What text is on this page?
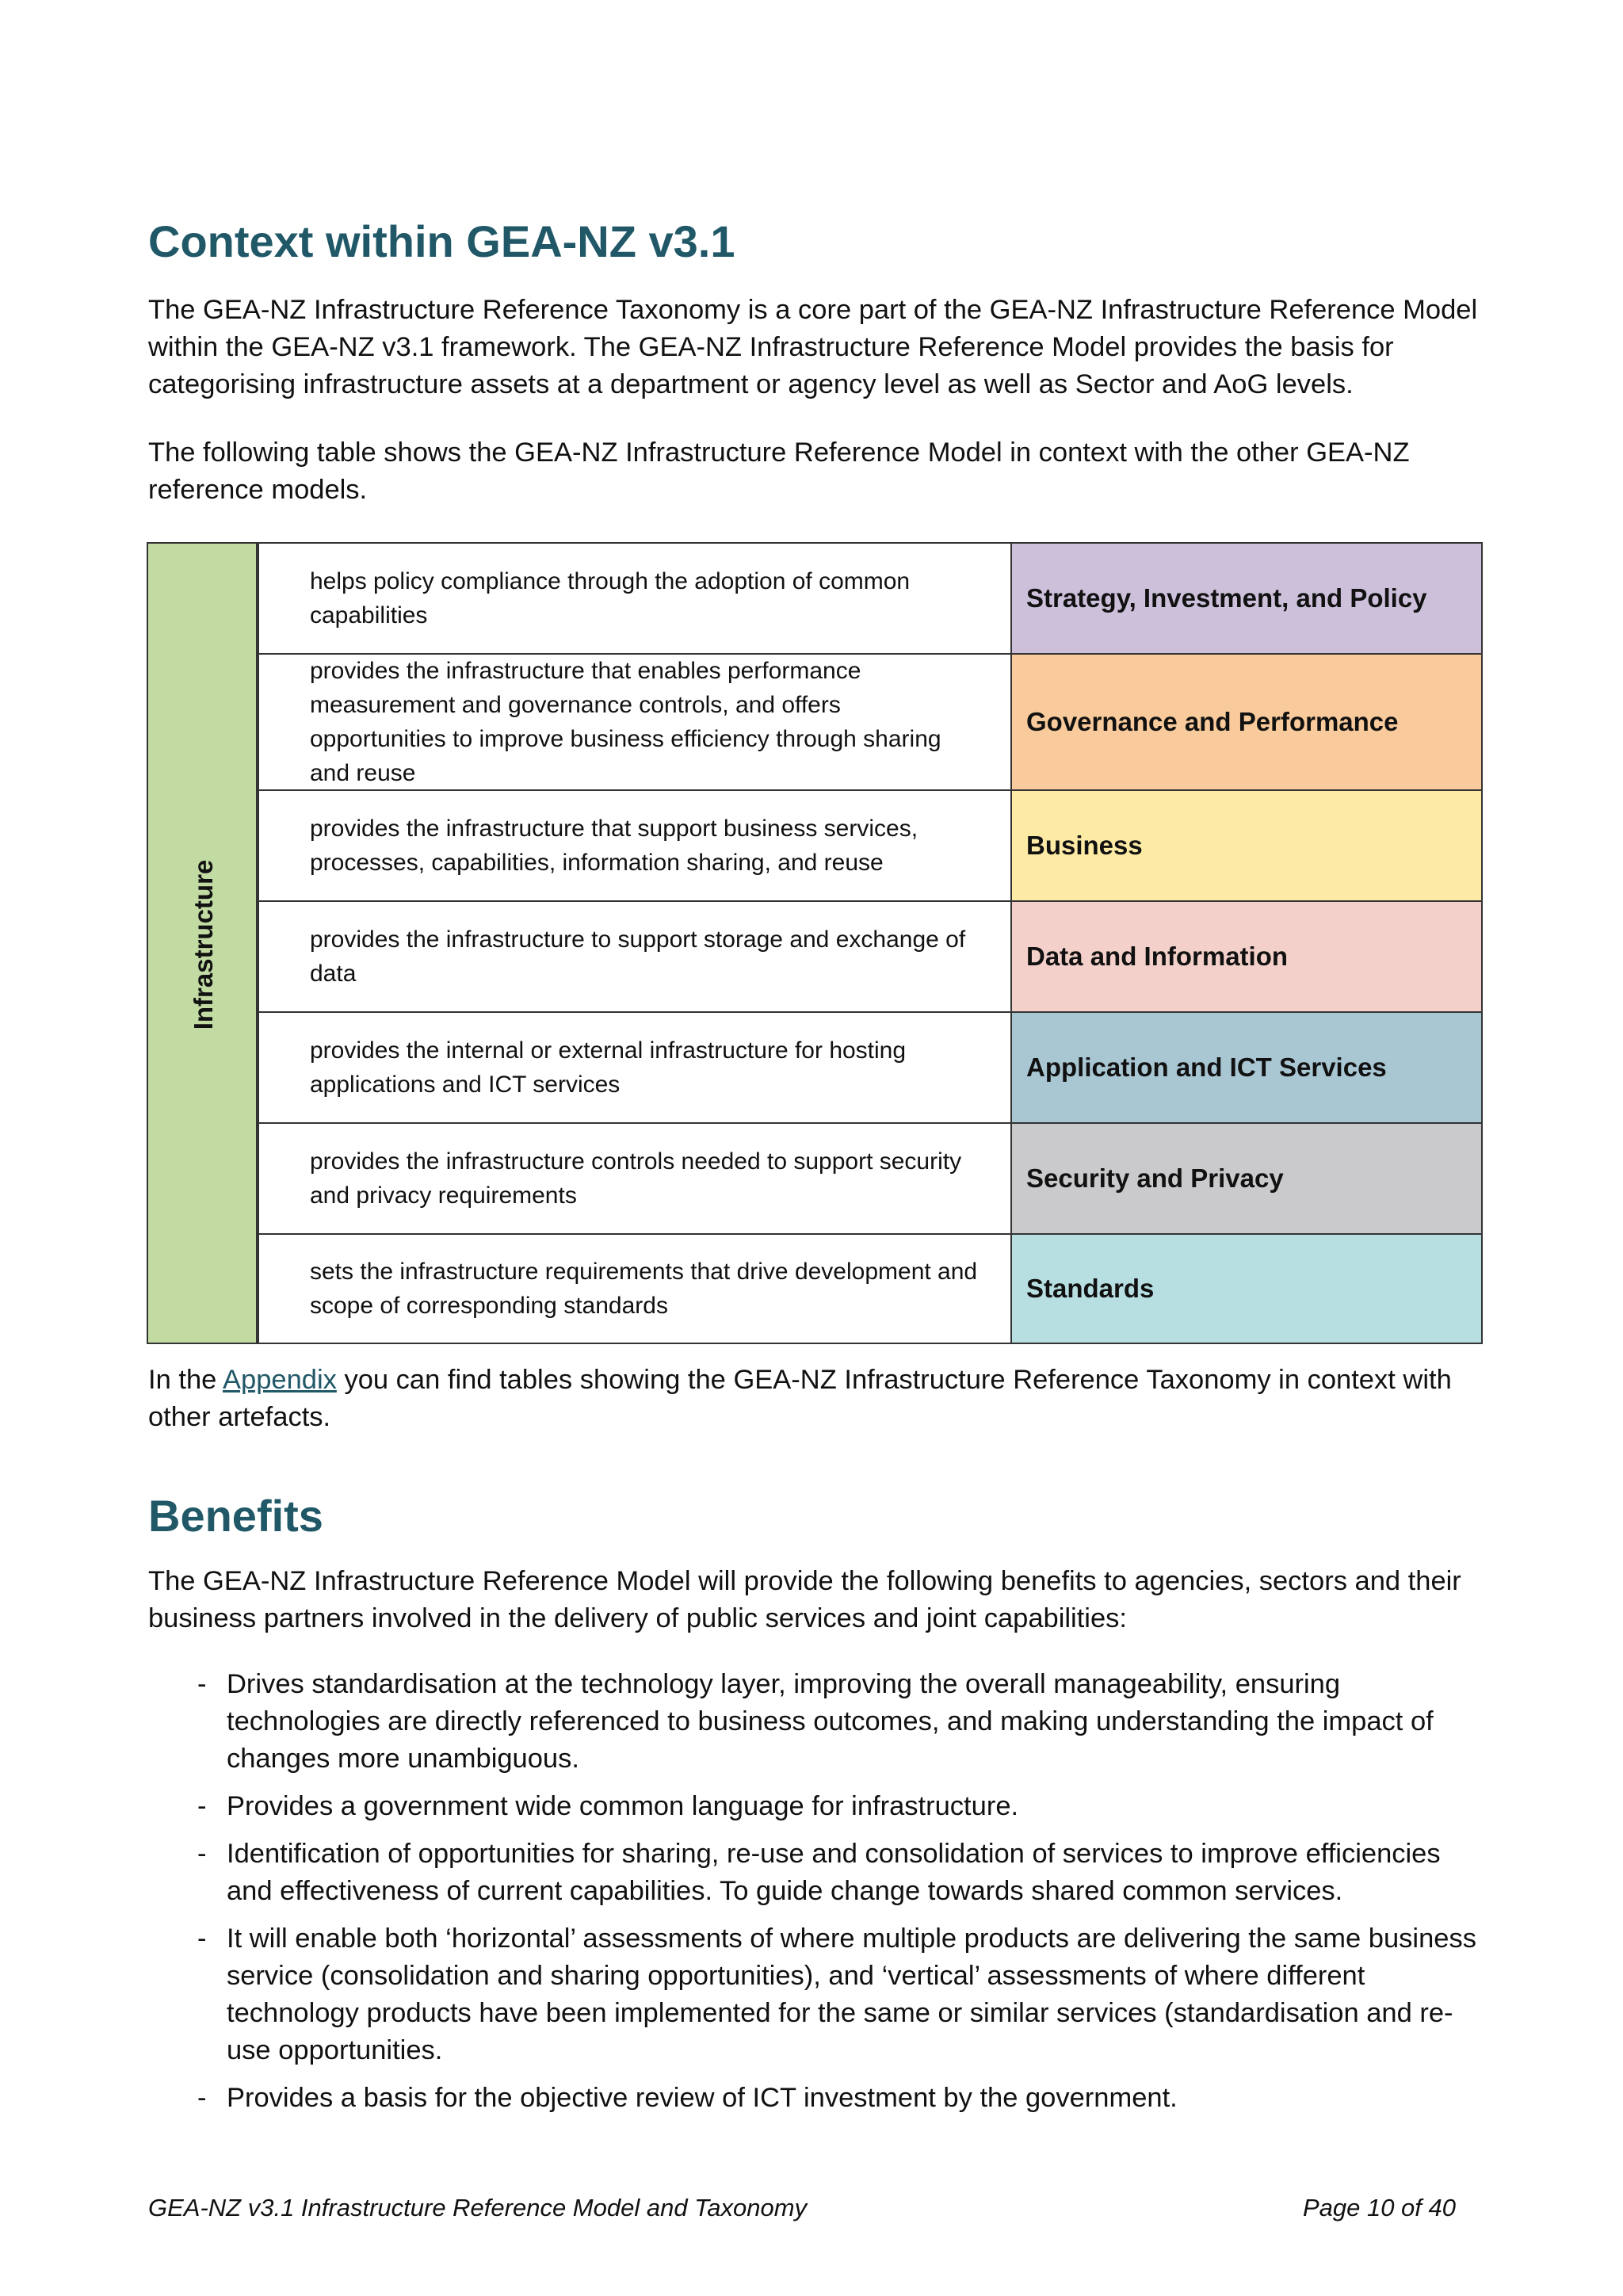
Context within GEA-NZ v3.1

The GEA-NZ Infrastructure Reference Taxonomy is a core part of the GEA-NZ Infrastructure Reference Model within the GEA-NZ v3.1 framework. The GEA-NZ Infrastructure Reference Model provides the basis for categorising infrastructure assets at a department or agency level as well as Sector and AoG levels.

The following table shows the GEA-NZ Infrastructure Reference Model in context with the other GEA-NZ reference models.

Infrastructure
helps policy compliance through the adoption of common capabilities
Strategy, Investment, and Policy
provides the infrastructure that enables performance measurement and governance controls, and offers opportunities to improve business efficiency through sharing and reuse
Governance and Performance
provides the infrastructure that support business services, processes, capabilities, information sharing, and reuse
Business
provides the infrastructure to support storage and exchange of data
Data and Information
provides the internal or external infrastructure for hosting applications and ICT services
Application and ICT Services
provides the infrastructure controls needed to support security and privacy requirements
Security and Privacy
sets the infrastructure requirements that drive development and scope of corresponding standards
Standards

In the Appendix you can find tables showing the GEA-NZ Infrastructure Reference Taxonomy in context with other artefacts.

Benefits

The GEA-NZ Infrastructure Reference Model will provide the following benefits to agencies, sectors and their business partners involved in the delivery of public services and joint capabilities:

- Drives standardisation at the technology layer, improving the overall manageability, ensuring technologies are directly referenced to business outcomes, and making understanding the impact of changes more unambiguous.
- Provides a government wide common language for infrastructure.
- Identification of opportunities for sharing, re-use and consolidation of services to improve efficiencies and effectiveness of current capabilities. To guide change towards shared common services.
- It will enable both ‘horizontal’ assessments of where multiple products are delivering the same business service (consolidation and sharing opportunities), and ‘vertical’ assessments of where different technology products have been implemented for the same or similar services (standardisation and re-use opportunities.
- Provides a basis for the objective review of ICT investment by the government.
GEA-NZ v3.1 Infrastructure Reference Model and Taxonomy	Page 10 of 40
